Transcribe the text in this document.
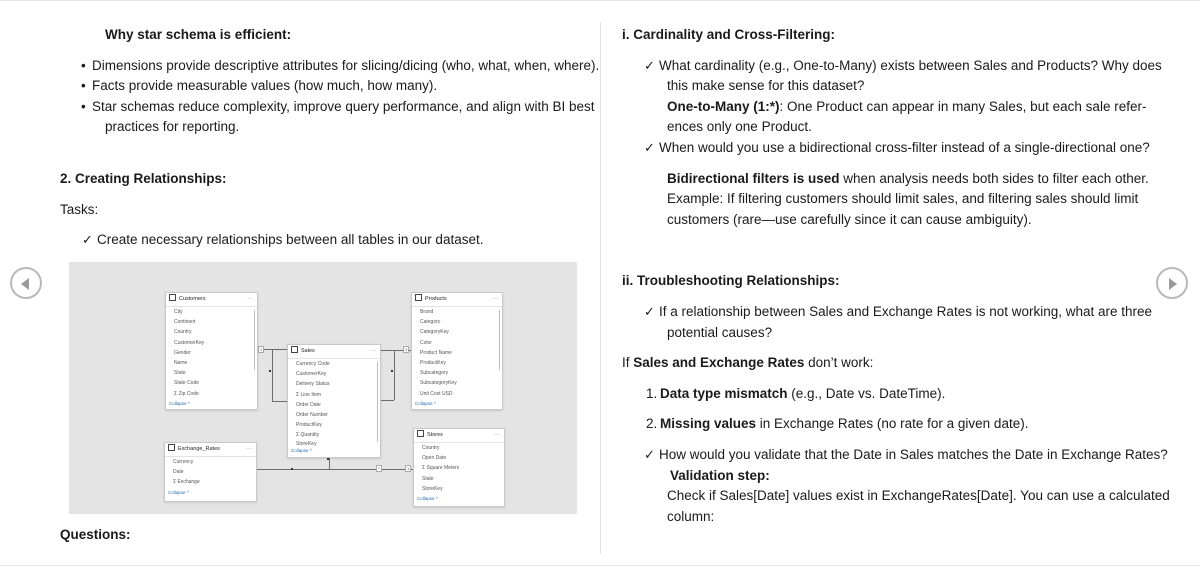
Why star schema is efficient:
• Dimensions provide descriptive attributes for slicing/dicing (who, what, when, where).
• Facts provide measurable values (how much, how many).
• Star schemas reduce complexity, improve query performance, and align with BI best
practices for reporting.
2. Creating Relationships:
Tasks:
✓ Create necessary relationships between all tables in our dataset.
1	1
*	1
Customers	···
City
Continent
Country
CustomerKey
Gender
Name
State
State Code
Σ Zip Code
Collapse ^
Products	···
Brand
Category
CategoryKey
Color
Product Name
ProductKey
Subcategory
SubcategoryKey
Unit Cost USD
Collapse ^
Sales	···
Currency Code
CustomerKey
Delivery Status
Σ Line Item
Order Date
Order Number
ProductKey
Σ Quantity
StoreKey
Collapse ^
Exchange_Rates	···
Currency
Date
Σ Exchange
Collapse ^
Stores	···
Country
Open Date
Σ Square Meters
State
StoreKey
Collapse ^
Questions:
i. Cardinality and Cross-Filtering:
✓ What cardinality (e.g., One-to-Many) exists between Sales and Products? Why does
this make sense for this dataset?
One-to-Many (1:*): One Product can appear in many Sales, but each sale refer-
ences only one Product.
✓ When would you use a bidirectional cross-filter instead of a single-directional one?
Bidirectional filters is used when analysis needs both sides to filter each other.
Example: If filtering customers should limit sales, and filtering sales should limit
customers (rare—use carefully since it can cause ambiguity).
ii. Troubleshooting Relationships:
✓ If a relationship between Sales and Exchange Rates is not working, what are three
potential causes?
If Sales and Exchange Rates don’t work:
1. Data type mismatch (e.g., Date vs. DateTime).
2. Missing values in Exchange Rates (no rate for a given date).
✓ How would you validate that the Date in Sales matches the Date in Exchange Rates?
Validation step:
Check if Sales[Date] values exist in ExchangeRates[Date]. You can use a calculated
column:
